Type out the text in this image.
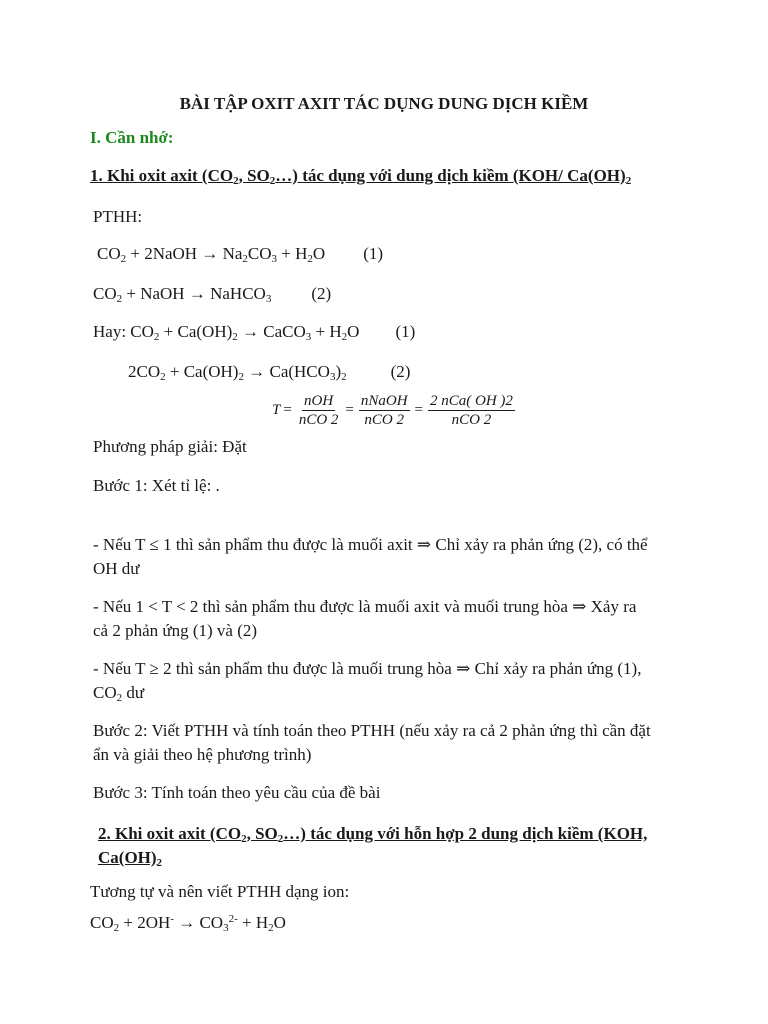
BÀI TẬP OXIT AXIT TÁC DỤNG DUNG DỊCH KIỀM
I. Cần nhớ:
1. Khi oxit axit ($CO_2$, $SO_2\dots$) tác dụng với dung dịch kiềm (KOH/ $Ca(OH)_2$
PTHH:
$CO_2$ + 2NaOH → $Na_2CO_3 + H_2O$ (1)
$CO_2$ + NaOH → NaHCO$_3$ (2)
Hay: $CO_2 + Ca(OH)_2$ → CaCO$_3$ + $H_2O$ (1)
$2CO_2 + Ca(OH)_2 \to Ca(HCO_3)_2$	(2)
$T = \frac{\text{nOH}}{\text{nCO 2}} = \frac{\text{nNaOH}}{\text{nCO 2}} = \frac{\text{2 nCa( OH )2}}{\text{nCO 2}}$
Phương pháp giải: Đặt
Bước 1: Xét tỉ lệ: .
- Nếu T ≤ 1 thì sản phẩm thu được là muối axit ⇒ Chỉ xảy ra phản ứng (2), có thể
OH dư
- Nếu 1 < T < 2 thì sản phẩm thu được là muối axit và muối trung hòa ⇒ Xảy ra
cả 2 phản ứng (1) và (2)
- Nếu T ≥ 2 thì sản phẩm thu được là muối trung hòa ⇒ Chỉ xảy ra phản ứng (1),
$CO_2$ dư
Bước 2: Viết PTHH và tính toán theo PTHH (nếu xảy ra cả 2 phản ứng thì cần đặt
ẩn và giải theo hệ phương trình)
Bước 3: Tính toán theo yêu cầu của đề bài
2. Khi oxit axit ($CO_2$, $SO_2\dots$) tác dụng với hỗn hợp 2 dung dịch kiềm (KOH,
$Ca(OH)_2$
Tương tự và nên viết PTHH dạng ion:
$CO_2 + 2OH^- \to CO_3^{2-} + H_2O$
